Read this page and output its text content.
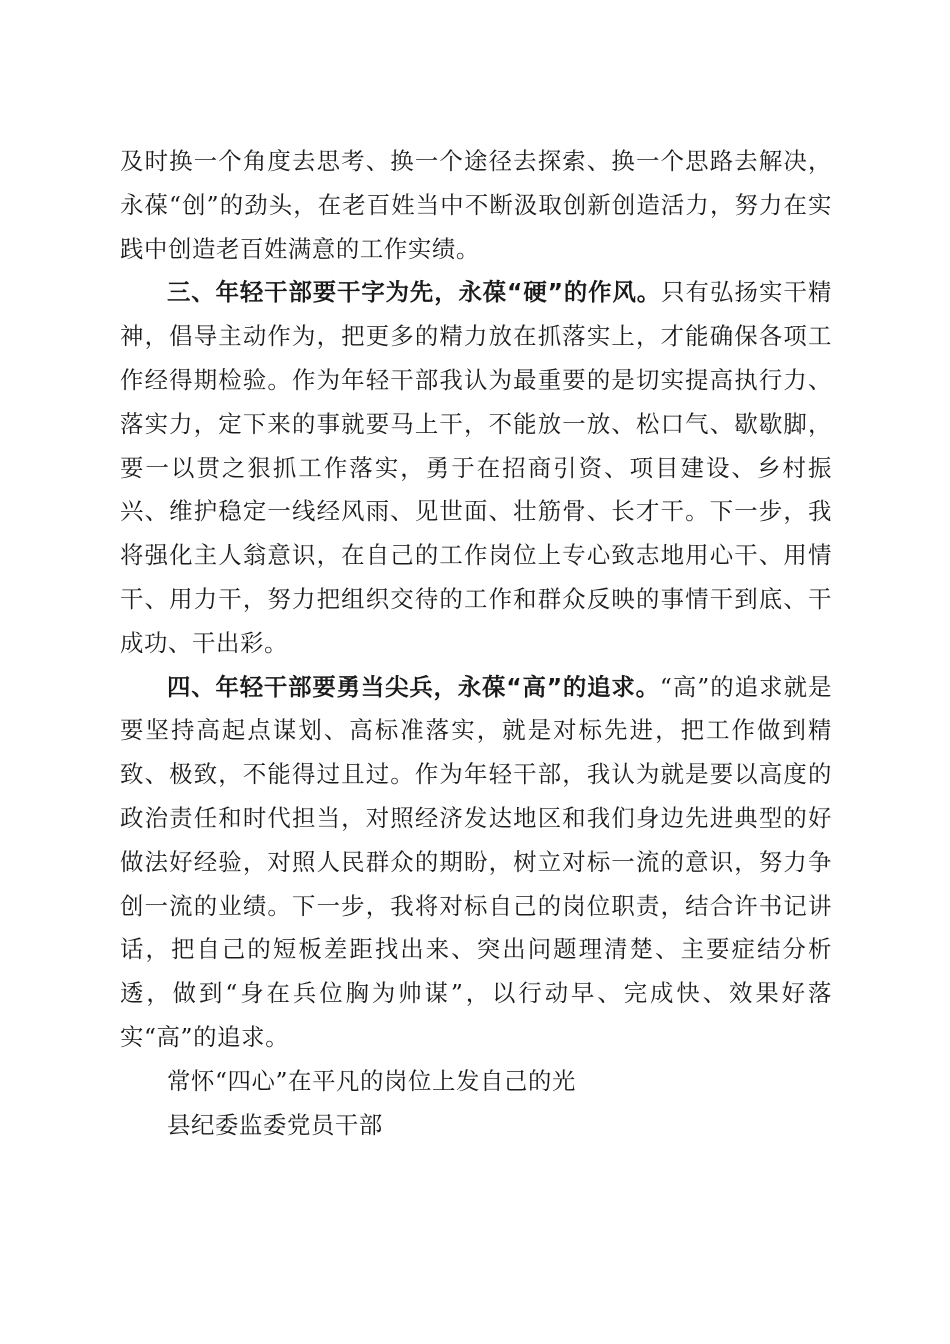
及时换一个角度去思考、换一个途径去探索、换一个思路去解决，永葆“创”的劲头，在老百姓当中不断汲取创新创造活力，努力在实践中创造老百姓满意的工作实绩。

三、年轻干部要干字为先，永葆“硬”的作风。只有弘扬实干精神，倡导主动作为，把更多的精力放在抓落实上，才能确保各项工作经得期检验。作为年轻干部我认为最重要的是切实提高执行力、落实力，定下来的事就要马上干，不能放一放、松口气、歇歇脚，要一以贯之狠抓工作落实，勇于在招商引资、项目建设、乡村振兴、维护稳定一线经风雨、见世面、壮筋骨、长才干。下一步，我将强化主人翁意识，在自己的工作岗位上专心致志地用心干、用情干、用力干，努力把组织交待的工作和群众反映的事情干到底、干成功、干出彩。

四、年轻干部要勇当尖兵，永葆“高”的追求。“高”的追求就是要坚持高起点谋划、高标准落实，就是对标先进，把工作做到精致、极致，不能得过且过。作为年轻干部，我认为就是要以高度的政治责任和时代担当，对照经济发达地区和我们身边先进典型的好做法好经验，对照人民群众的期盼，树立对标一流的意识，努力争创一流的业绩。下一步，我将对标自己的岗位职责，结合许书记讲话，把自己的短板差距找出来、突出问题理清楚、主要症结分析透，做到“身在兵位胸为帅谋”，以行动早、完成快、效果好落实“高”的追求。

常怀“四心”在平凡的岗位上发自己的光

县纪委监委党员干部
